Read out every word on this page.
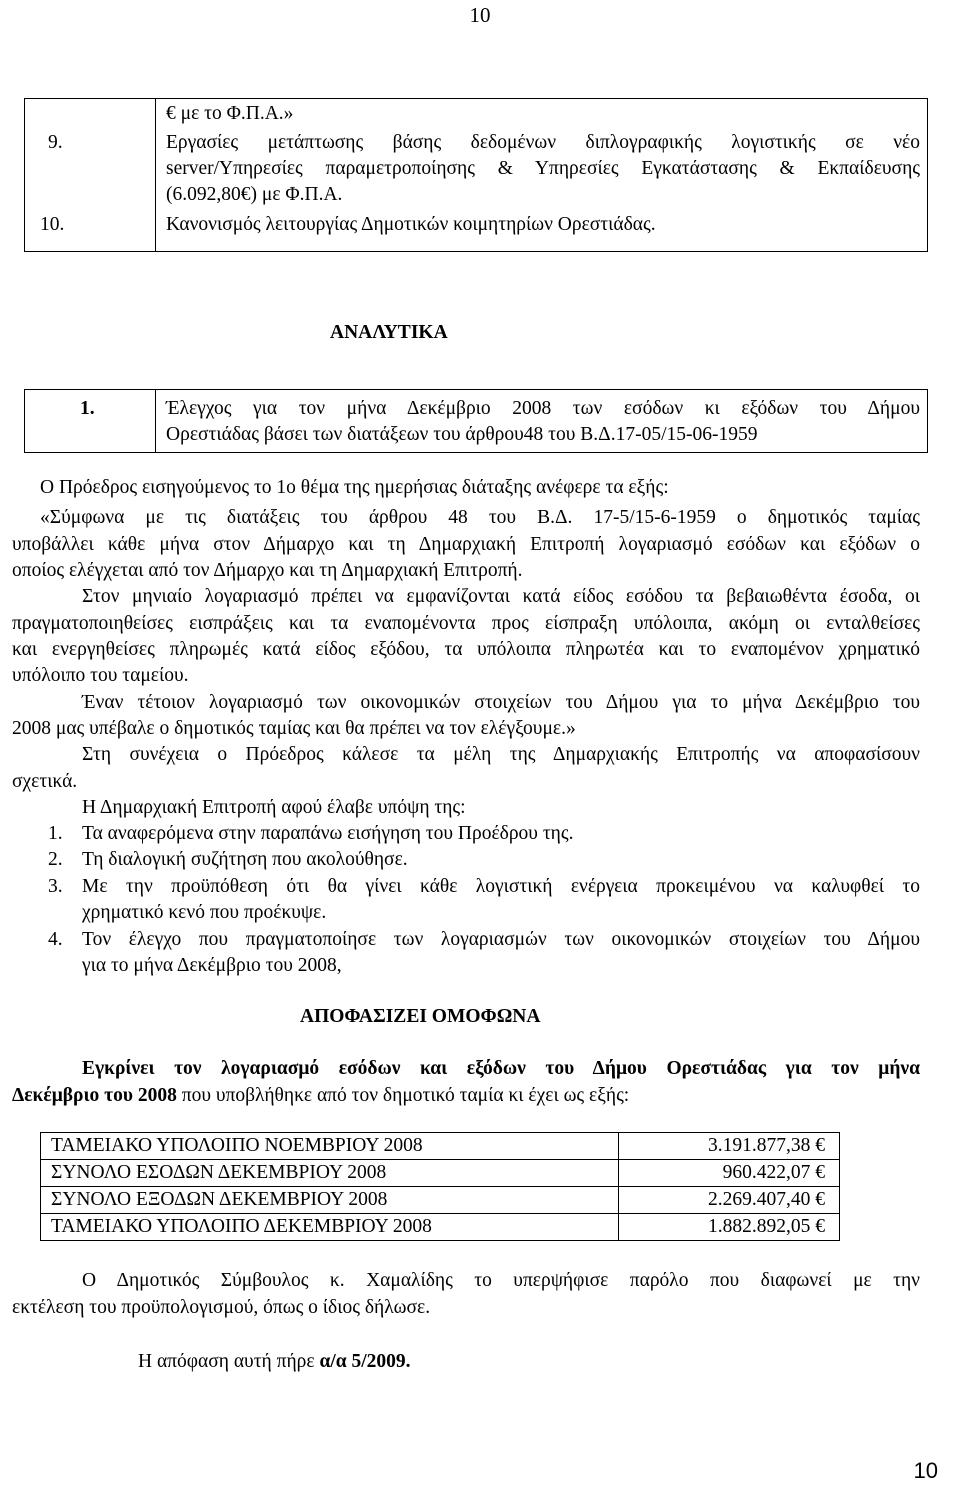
10
€ με το Φ.Π.Α.»
9.	Εργασίες μετάπτωσης βάσης δεδομένων διπλογραφικής λογιστικής σε νέο
server/Υπηρεσίες παραμετροποίησης & Υπηρεσίες Εγκατάστασης & Εκπαίδευσης
(6.092,80€) με Φ.Π.Α.
10.	Κανονισμός λειτουργίας Δημοτικών κοιμητηρίων Ορεστιάδας.
ΑΝΑΛΥΤΙΚΑ
1.	Έλεγχος για τον μήνα Δεκέμβριο 2008 των εσόδων κι εξόδων του Δήμου
Ορεστιάδας βάσει των διατάξεων του άρθρου48 του Β.Δ.17-05/15-06-1959
Ο Πρόεδρος εισηγούμενος το 1ο θέμα της ημερήσιας διάταξης ανέφερε τα εξής:
«Σύμφωνα με τις διατάξεις του άρθρου 48 του Β.Δ. 17-5/15-6-1959 ο δημοτικός ταμίας
υποβάλλει κάθε μήνα στον Δήμαρχο και τη Δημαρχιακή Επιτροπή λογαριασμό εσόδων και εξόδων ο
οποίος ελέγχεται από τον Δήμαρχο και τη Δημαρχιακή Επιτροπή.
Στον μηνιαίο λογαριασμό πρέπει να εμφανίζονται κατά είδος εσόδου τα βεβαιωθέντα έσοδα, οι
πραγματοποιηθείσες εισπράξεις και τα εναπομένοντα προς είσπραξη υπόλοιπα, ακόμη οι ενταλθείσες
και ενεργηθείσες πληρωμές κατά είδος εξόδου, τα υπόλοιπα πληρωτέα και το εναπομένον χρηματικό
υπόλοιπο του ταμείου.
Έναν τέτοιον λογαριασμό των οικονομικών στοιχείων του Δήμου για το μήνα Δεκέμβριο του
2008 μας υπέβαλε ο δημοτικός ταμίας και θα πρέπει να τον ελέγξουμε.»
Στη συνέχεια ο Πρόεδρος κάλεσε τα μέλη της Δημαρχιακής Επιτροπής να αποφασίσουν
σχετικά.
Η Δημαρχιακή Επιτροπή αφού έλαβε υπόψη της:
1. Τα αναφερόμενα στην παραπάνω εισήγηση του Προέδρου της.
2. Τη διαλογική συζήτηση που ακολούθησε.
3. Με την προϋπόθεση ότι θα γίνει κάθε λογιστική ενέργεια προκειμένου να καλυφθεί το
χρηματικό κενό που προέκυψε.
4. Τον έλεγχο που πραγματοποίησε των λογαριασμών των οικονομικών στοιχείων του Δήμου
για το μήνα Δεκέμβριο του 2008,
ΑΠΟΦΑΣΙΖΕΙ ΟΜΟΦΩΝΑ
Εγκρίνει τον λογαριασμό εσόδων και εξόδων του Δήμου Ορεστιάδας για τον μήνα
Δεκέμβριο του 2008 που υποβλήθηκε από τον δημοτικό ταμία κι έχει ως εξής:
ΤΑΜΕΙΑΚΟ ΥΠΟΛΟΙΠΟ ΝΟΕΜΒΡΙΟΥ 2008	3.191.877,38 €
ΣΥΝΟΛΟ ΕΣΟΔΩΝ ΔΕΚΕΜΒΡΙΟΥ 2008	960.422,07 €
ΣΥΝΟΛΟ ΕΞΟΔΩΝ ΔΕΚΕΜΒΡΙΟΥ 2008	2.269.407,40 €
ΤΑΜΕΙΑΚΟ ΥΠΟΛΟΙΠΟ ΔΕΚΕΜΒΡΙΟΥ 2008	1.882.892,05 €
Ο Δημοτικός Σύμβουλος κ. Χαμαλίδης το υπερψήφισε παρόλο που διαφωνεί με την
εκτέλεση του προϋπολογισμού, όπως ο ίδιος δήλωσε.
Η απόφαση αυτή πήρε α/α 5/2009.
10
